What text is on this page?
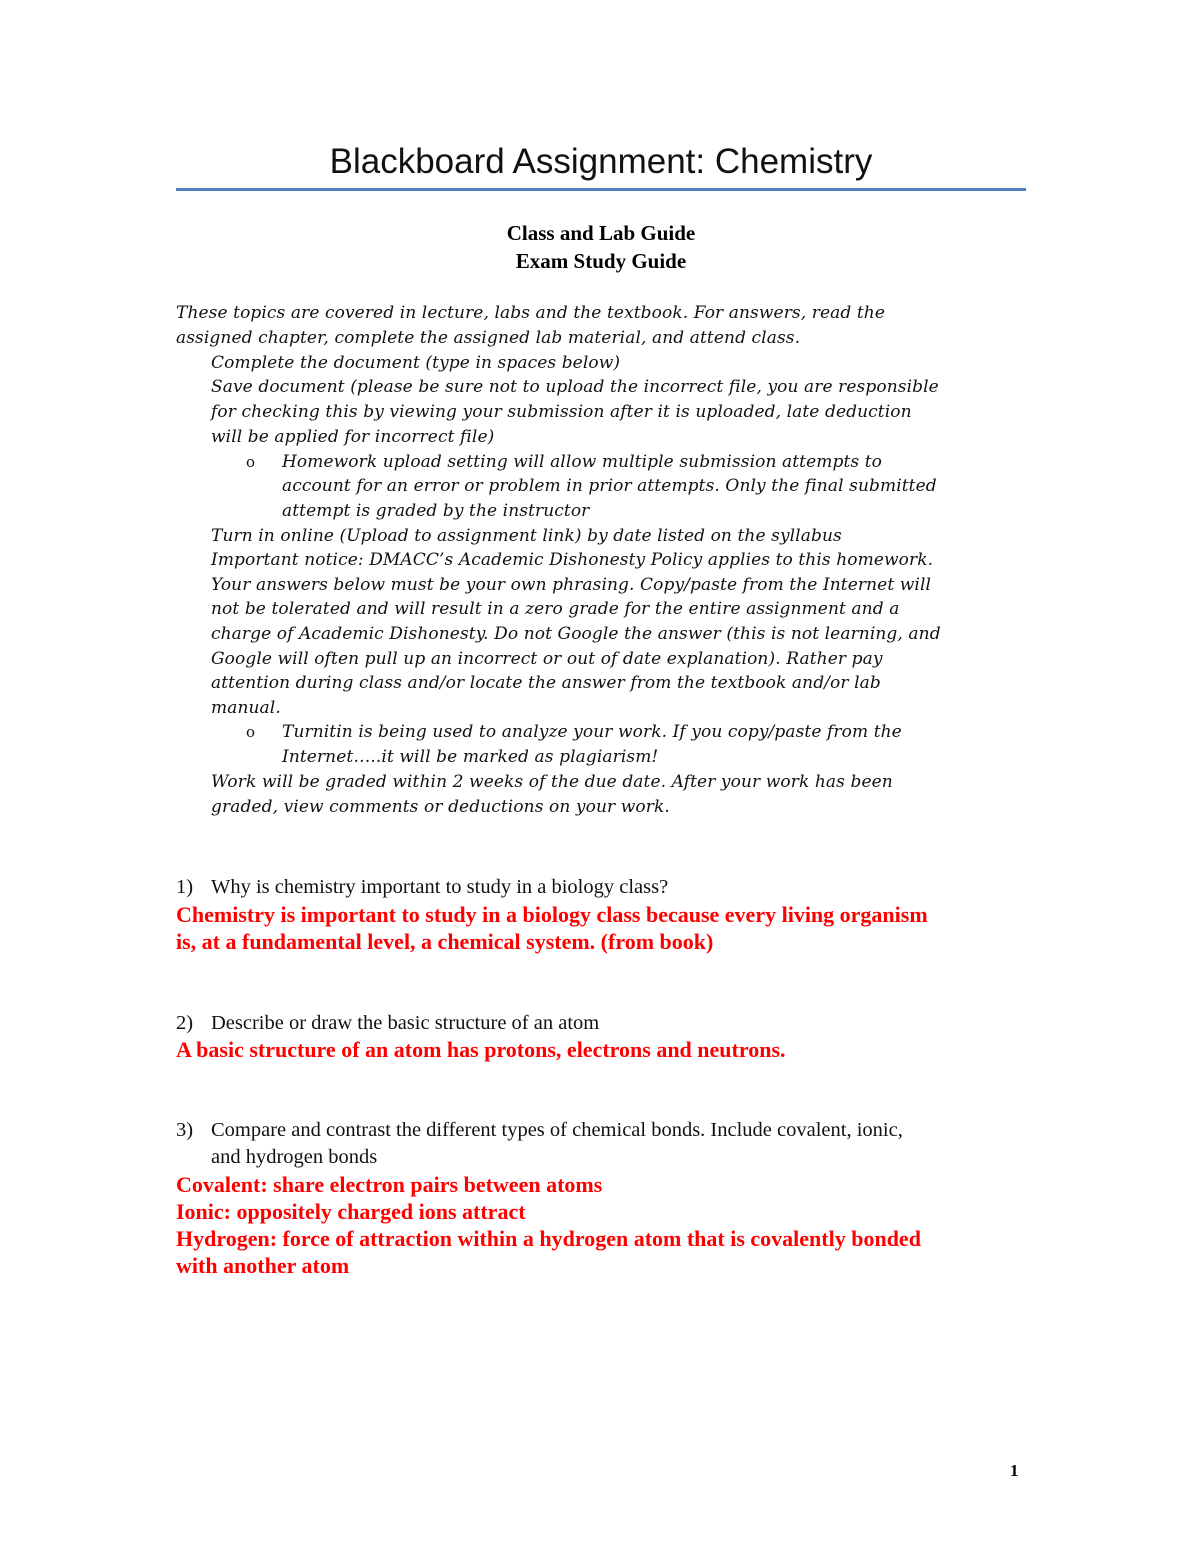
Blackboard Assignment: Chemistry
Class and Lab Guide
Exam Study Guide
These topics are covered in lecture, labs and the textbook. For answers, read the
assigned chapter, complete the assigned lab material, and attend class.
Complete the document (type in spaces below)
Save document (please be sure not to upload the incorrect file, you are responsible
for checking this by viewing your submission after it is uploaded, late deduction
will be applied for incorrect file)
o Homework upload setting will allow multiple submission attempts to
account for an error or problem in prior attempts. Only the final submitted
attempt is graded by the instructor
Turn in online (Upload to assignment link) by date listed on the syllabus
Important notice: DMACC’s Academic Dishonesty Policy applies to this homework.
Your answers below must be your own phrasing. Copy/paste from the Internet will
not be tolerated and will result in a zero grade for the entire assignment and a
charge of Academic Dishonesty. Do not Google the answer (this is not learning, and
Google will often pull up an incorrect or out of date explanation). Rather pay
attention during class and/or locate the answer from the textbook and/or lab
manual.
o Turnitin is being used to analyze your work. If you copy/paste from the
Internet…..it will be marked as plagiarism!
Work will be graded within 2 weeks of the due date. After your work has been
graded, view comments or deductions on your work.
1) Why is chemistry important to study in a biology class?
Chemistry is important to study in a biology class because every living organism
is, at a fundamental level, a chemical system. (from book)
2) Describe or draw the basic structure of an atom
A basic structure of an atom has protons, electrons and neutrons.
3) Compare and contrast the different types of chemical bonds. Include covalent, ionic,
and hydrogen bonds
Covalent: share electron pairs between atoms
Ionic: oppositely charged ions attract
Hydrogen: force of attraction within a hydrogen atom that is covalently bonded
with another atom
1
